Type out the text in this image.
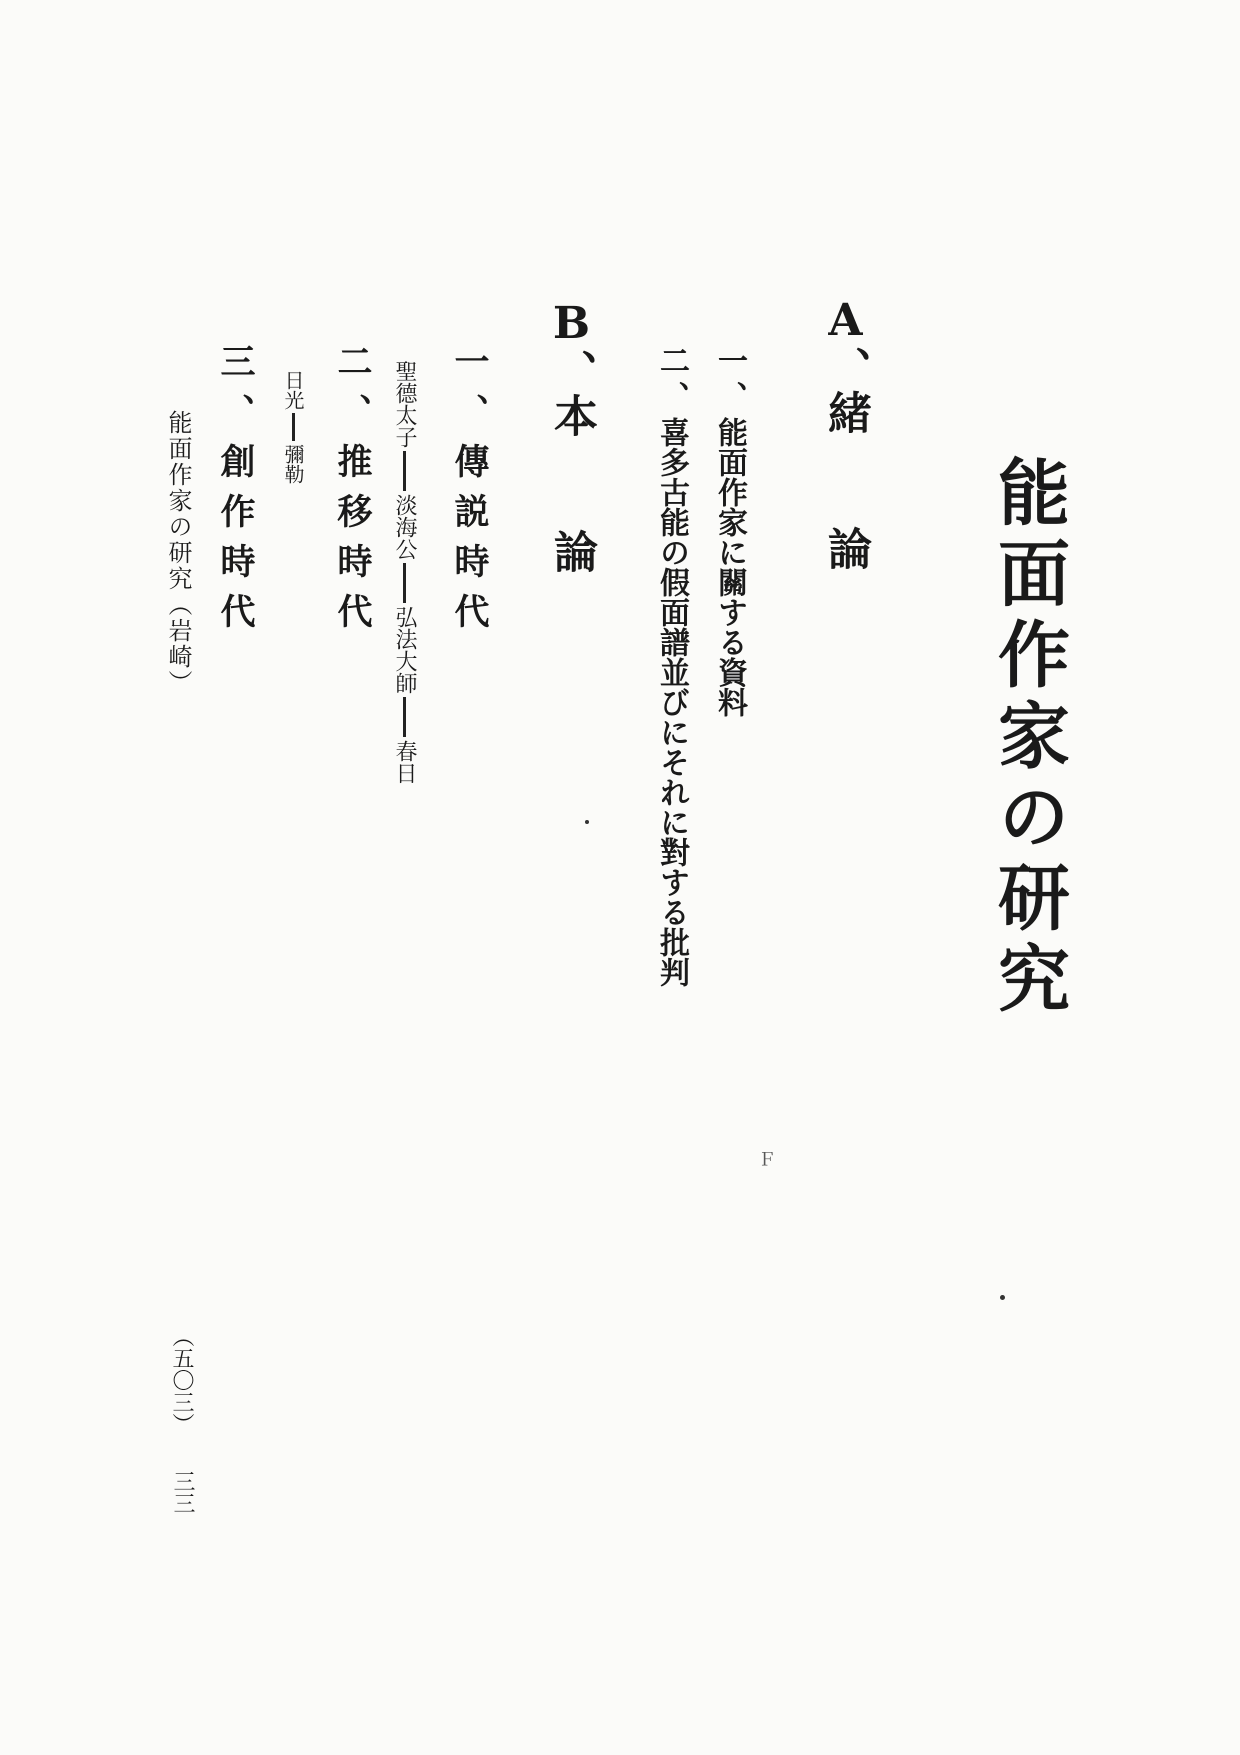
能面作家の研究
A、緒論
一、能面作家に關する資料
二、喜多古能の假面譜並びにそれに對する批判
B、本論
一、傳説時代
聖德太子淡海公弘法大師春日
二、推移時代
日光彌勒
三、創作時代
能面作家の研究（岩崎）
（五〇三）
三三
Ｆ
